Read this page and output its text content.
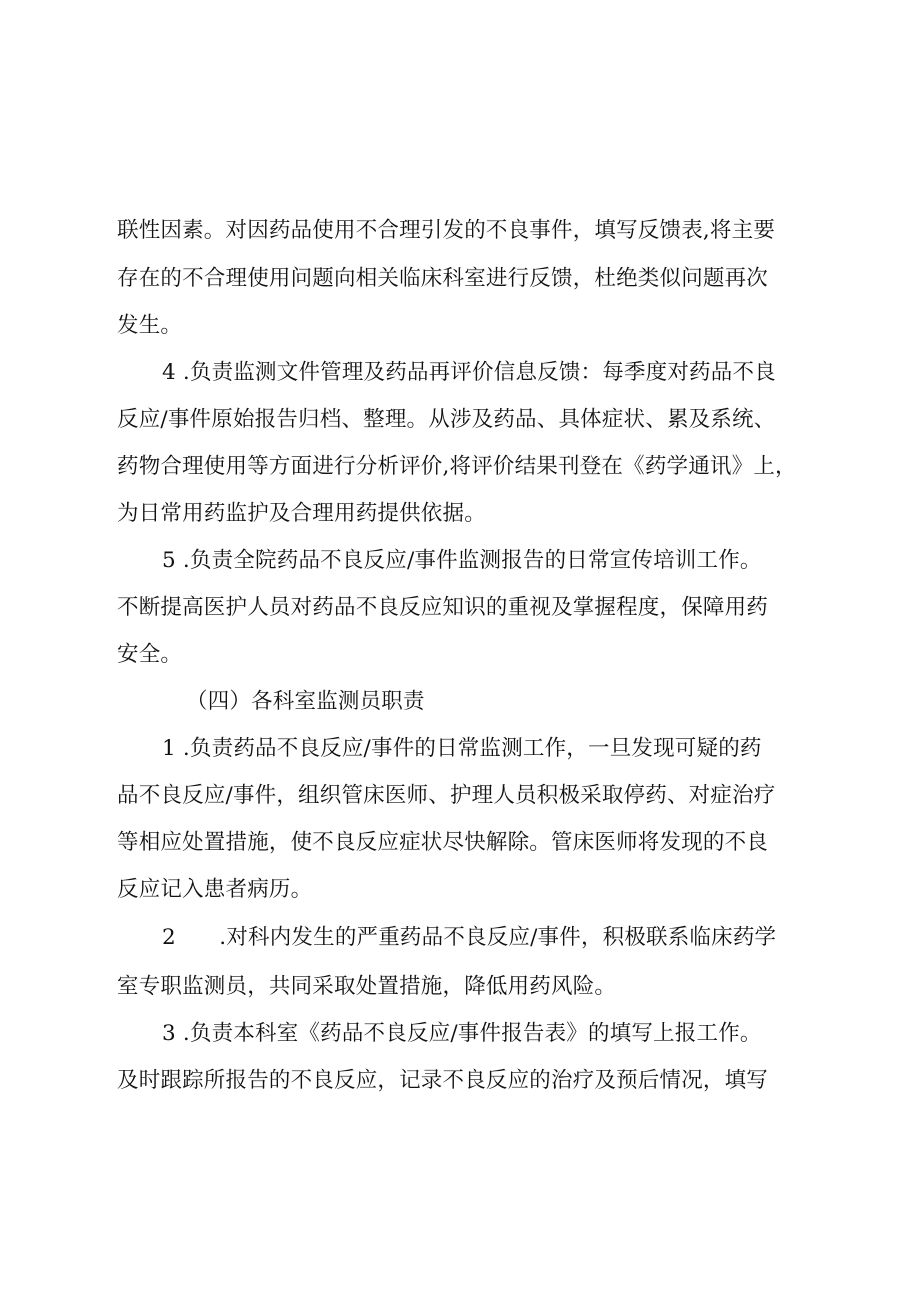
联性因素。对因药品使用不合理引发的不良事件，填写反馈表,将主要
存在的不合理使用问题向相关临床科室进行反馈，杜绝类似问题再次
发生。
4 .负责监测文件管理及药品再评价信息反馈：每季度对药品不良
反应/事件原始报告归档、整理。从涉及药品、具体症状、累及系统、
药物合理使用等方面进行分析评价,将评价结果刊登在《药学通讯》上，
为日常用药监护及合理用药提供依据。
5 .负责全院药品不良反应/事件监测报告的日常宣传培训工作。
不断提高医护人员对药品不良反应知识的重视及掌握程度，保障用药
安全。
（四）各科室监测员职责
1 .负责药品不良反应/事件的日常监测工作，一旦发现可疑的药
品不良反应/事件，组织管床医师、护理人员积极采取停药、对症治疗
等相应处置措施，使不良反应症状尽快解除。管床医师将发现的不良
反应记入患者病历。
2　　.对科内发生的严重药品不良反应/事件，积极联系临床药学
室专职监测员，共同采取处置措施，降低用药风险。
3 .负责本科室《药品不良反应/事件报告表》的填写上报工作。
及时跟踪所报告的不良反应，记录不良反应的治疗及预后情况，填写
